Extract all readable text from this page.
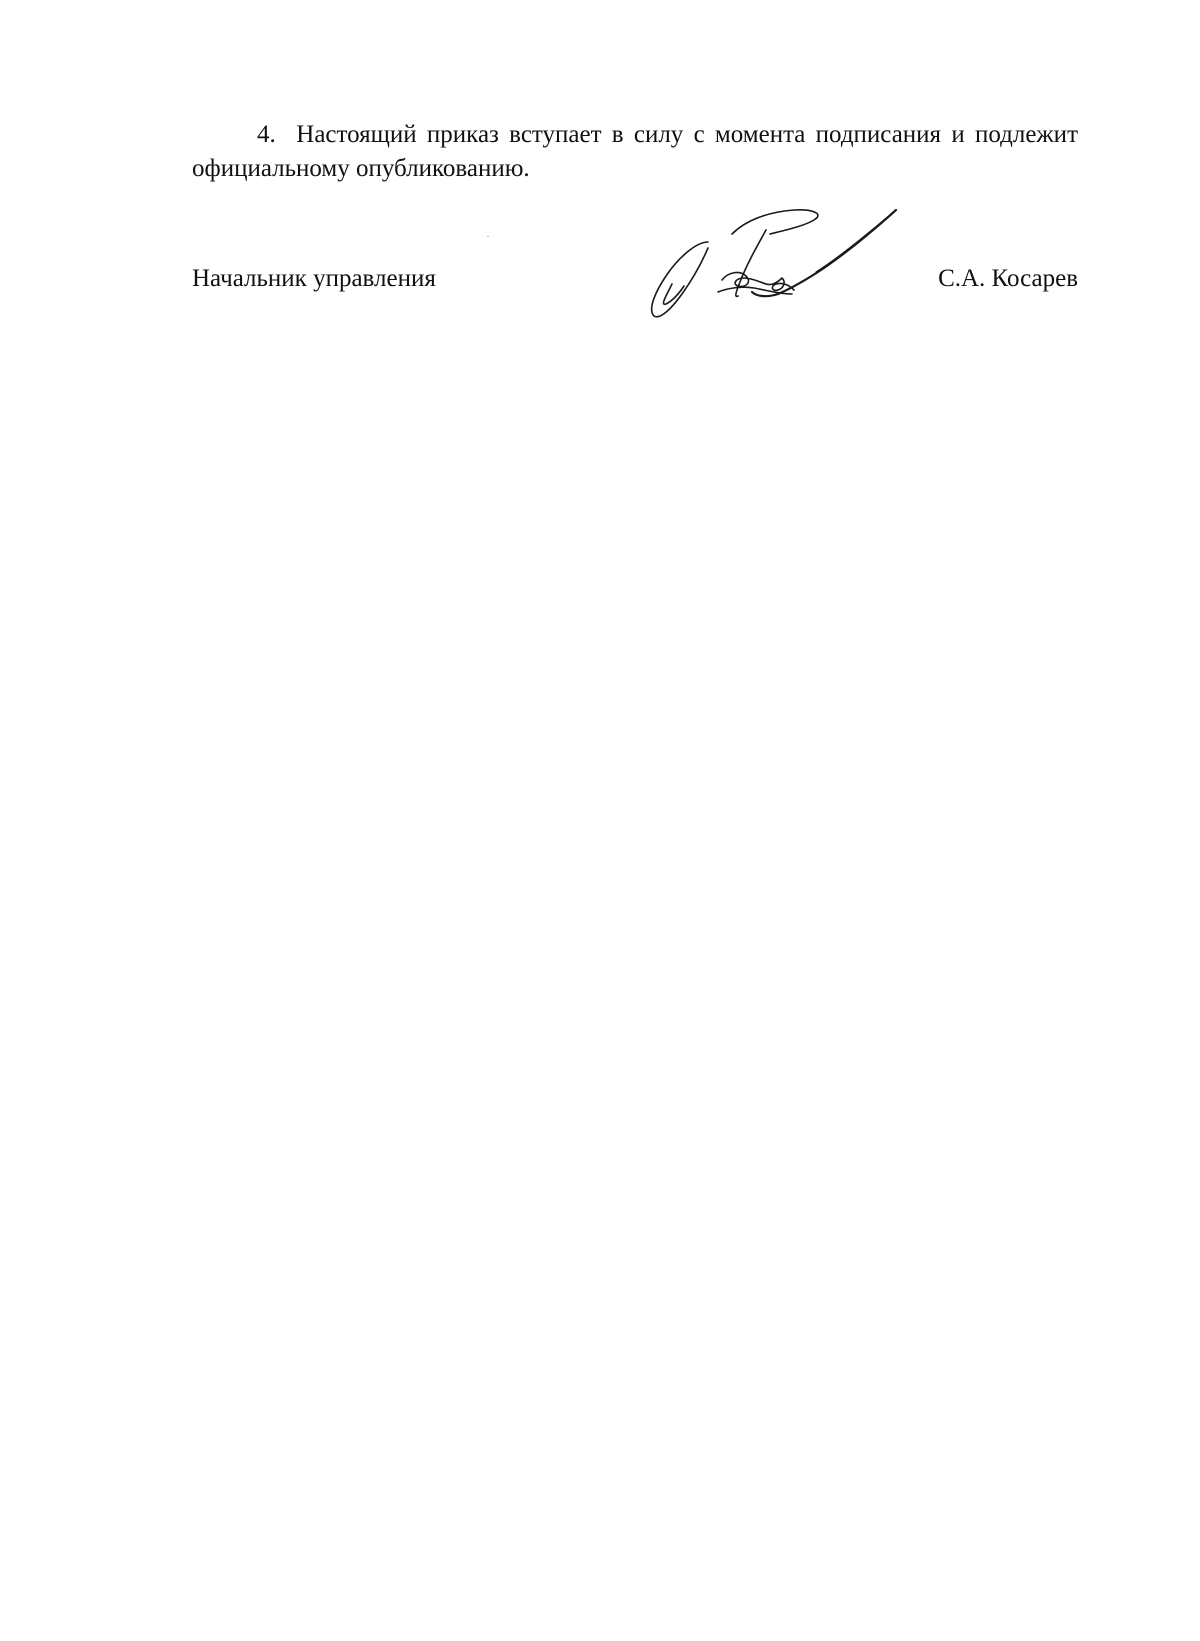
4. Настоящий приказ вступает в силу с момента подписания и подлежит официальному опубликованию.

Начальник управления	С.А. Косарев
